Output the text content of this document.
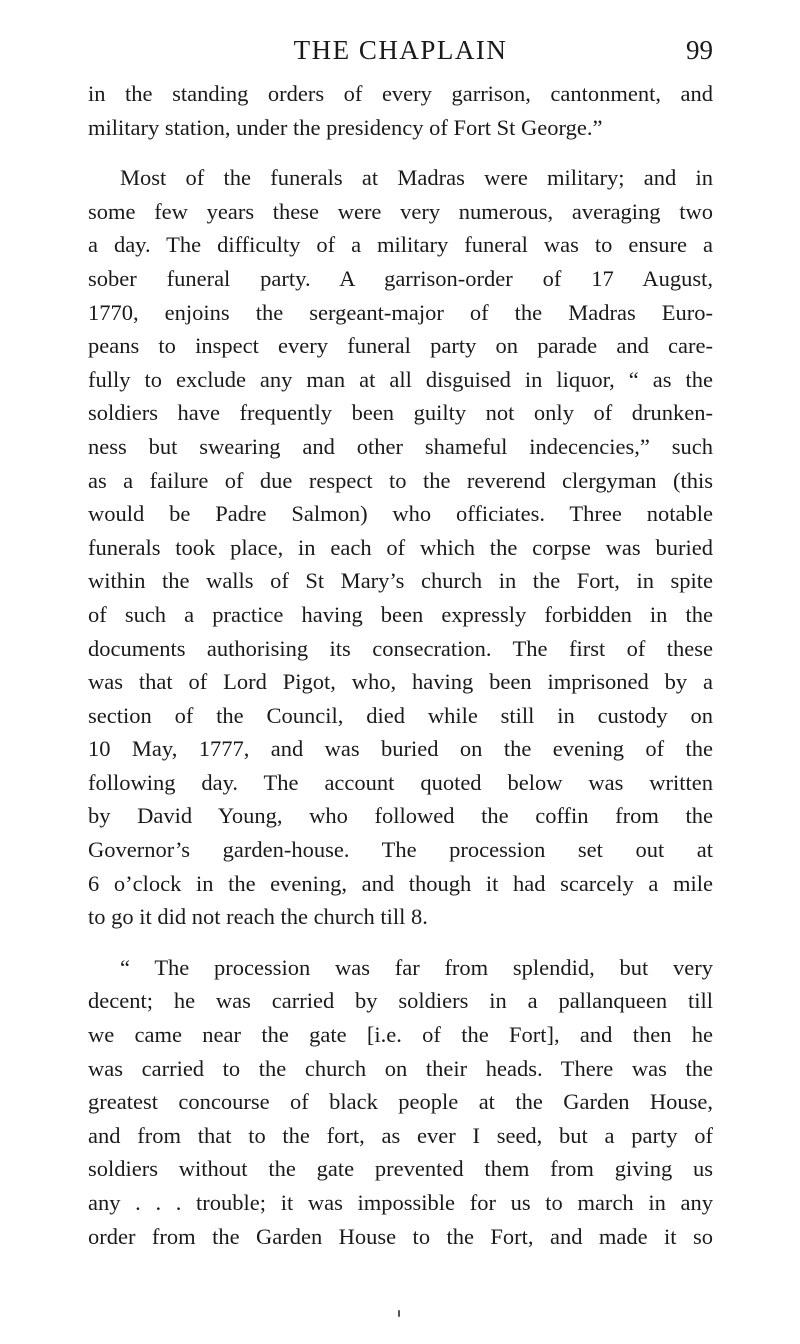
THE CHAPLAIN	99
in the standing orders of every garrison, cantonment, and
military station, under the presidency of Fort St George.”
Most of the funerals at Madras were military; and in
some few years these were very numerous, averaging two
a day. The difficulty of a military funeral was to ensure a
sober funeral party. A garrison-order of 17 August,
1770, enjoins the sergeant-major of the Madras Euro-
peans to inspect every funeral party on parade and care-
fully to exclude any man at all disguised in liquor, “ as the
soldiers have frequently been guilty not only of drunken-
ness but swearing and other shameful indecencies,” such
as a failure of due respect to the reverend clergyman (this
would be Padre Salmon) who officiates. Three notable
funerals took place, in each of which the corpse was buried
within the walls of St Mary’s church in the Fort, in spite
of such a practice having been expressly forbidden in the
documents authorising its consecration. The first of these
was that of Lord Pigot, who, having been imprisoned by a
section of the Council, died while still in custody on
10 May, 1777, and was buried on the evening of the
following day. The account quoted below was written
by David Young, who followed the coffin from the
Governor’s garden-house. The procession set out at
6 o’clock in the evening, and though it had scarcely a mile
to go it did not reach the church till 8.
“ The procession was far from splendid, but very
decent; he was carried by soldiers in a pallanqueen till
we came near the gate [i.e. of the Fort], and then he
was carried to the church on their heads. There was the
greatest concourse of black people at the Garden House,
and from that to the fort, as ever I seed, but a party of
soldiers without the gate prevented them from giving us
any . . . trouble; it was impossible for us to march in any
order from the Garden House to the Fort, and made it so
